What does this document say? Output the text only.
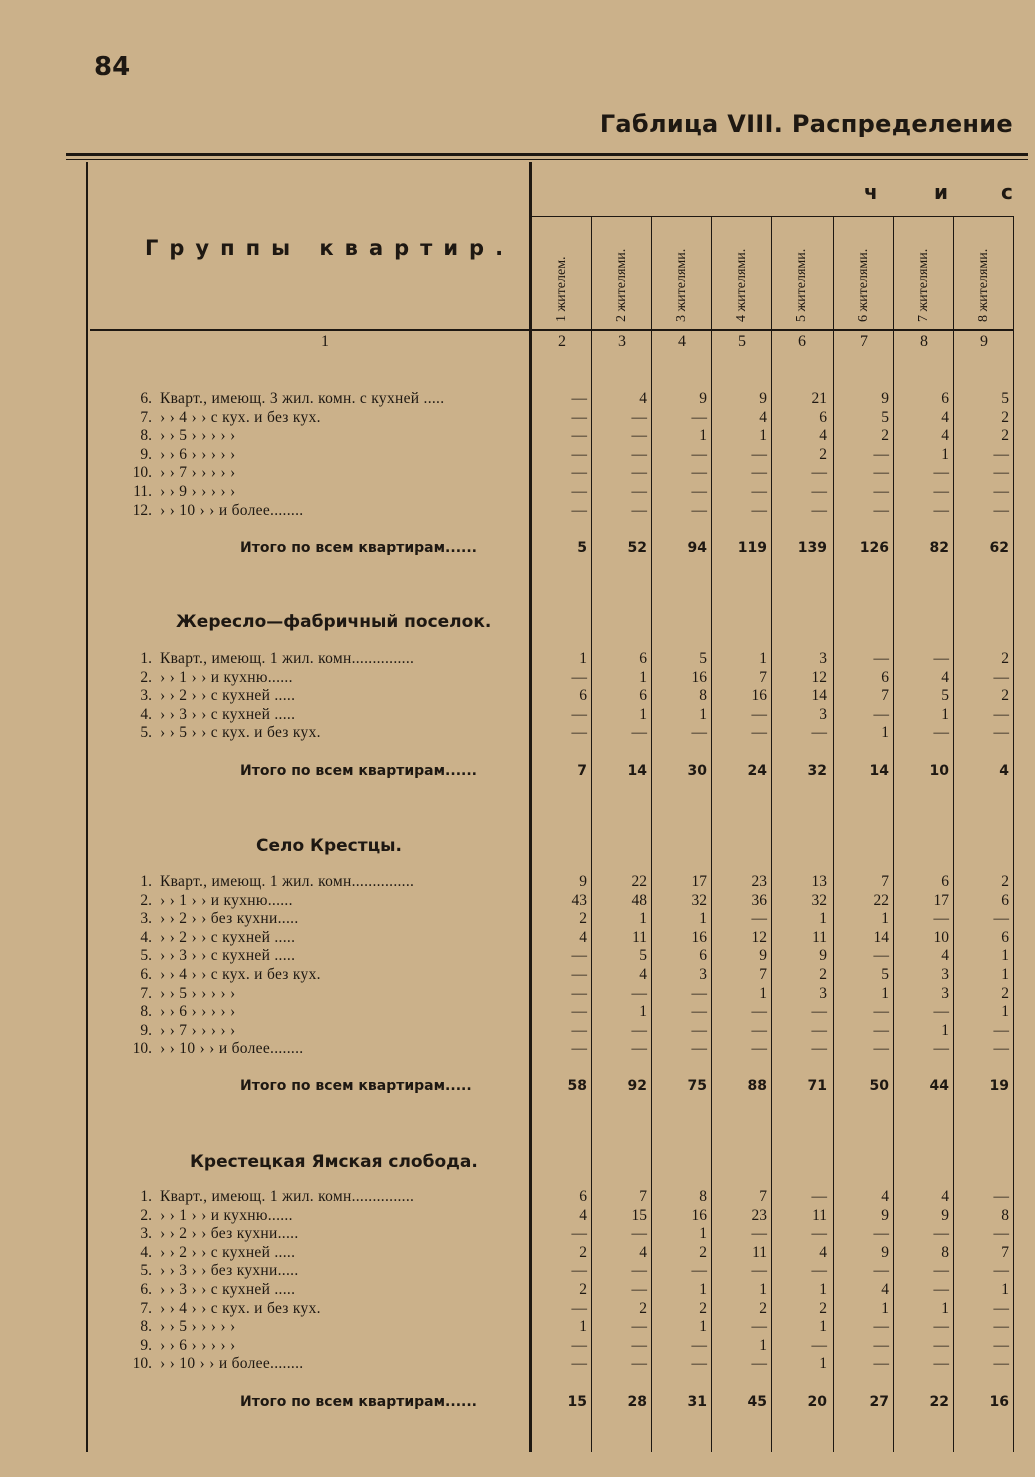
84
Габлица VIII. Распределение
Группы квартир.
ч	и	с
1 жителем.	2 жителями.	3 жителями.	4 жителями.	5 жителями.	6 жителями.	7 жителями.	8 жителями.
1	2	3	4	5	6	7	8	9
6. Кварт., имеющ. 3 жил. комн. с кухней .....	—	4	9	9	21	9	6	5
7. › › 4 › › с кух. и без кух.	—	—	—	4	6	5	4	2
8. › › 5 › › › › ›	—	—	1	1	4	2	4	2
9. › › 6 › › › › ›	—	—	—	—	2	—	1	—
10. › › 7 › › › › ›	—	—	—	—	—	—	—	—
11. › › 9 › › › › ›	—	—	—	—	—	—	—	—
12. › › 10 › › и более........	—	—	—	—	—	—	—	—
Итого по всем квартирам......	5	52	94	119	139	126	82	62
Жересло—фабричный поселок.
1. Кварт., имеющ. 1 жил. комн...............	1	6	5	1	3	—	—	2
2. › › 1 › › и кухню......	—	1	16	7	12	6	4	—
3. › › 2 › › с кухней .....	6	6	8	16	14	7	5	2
4. › › 3 › › с кухней .....	—	1	1	—	3	—	1	—
5. › › 5 › › с кух. и без кух.	—	—	—	—	—	1	—	—
Итого по всем квартирам......	7	14	30	24	32	14	10	4
Село Крестцы.
1. Кварт., имеющ. 1 жил. комн...............	9	22	17	23	13	7	6	2
2. › › 1 › › и кухню......	43	48	32	36	32	22	17	6
3. › › 2 › › без кухни.....	2	1	1	—	1	1	—	—
4. › › 2 › › с кухней .....	4	11	16	12	11	14	10	6
5. › › 3 › › с кухней .....	—	5	6	9	9	—	4	1
6. › › 4 › › с кух. и без кух.	—	4	3	7	2	5	3	1
7. › › 5 › › › › ›	—	—	—	1	3	1	3	2
8. › › 6 › › › › ›	—	1	—	—	—	—	—	1
9. › › 7 › › › › ›	—	—	—	—	—	—	1	—
10. › › 10 › › и более........	—	—	—	—	—	—	—	—
Итого по всем квартирам.....	58	92	75	88	71	50	44	19
Крестецкая Ямская слобода.
1. Кварт., имеющ. 1 жил. комн...............	6	7	8	7	—	4	4	—
2. › › 1 › › и кухню......	4	15	16	23	11	9	9	8
3. › › 2 › › без кухни.....	—	—	1	—	—	—	—	—
4. › › 2 › › с кухней .....	2	4	2	11	4	9	8	7
5. › › 3 › › без кухни.....	—	—	—	—	—	—	—	—
6. › › 3 › › с кухней .....	2	—	1	1	1	4	—	1
7. › › 4 › › с кух. и без кух.	—	2	2	2	2	1	1	—
8. › › 5 › › › › ›	1	—	1	—	1	—	—	—
9. › › 6 › › › › ›	—	—	—	1	—	—	—	—
10. › › 10 › › и более........	—	—	—	—	1	—	—	—
Итого по всем квартирам......	15	28	31	45	20	27	22	16
